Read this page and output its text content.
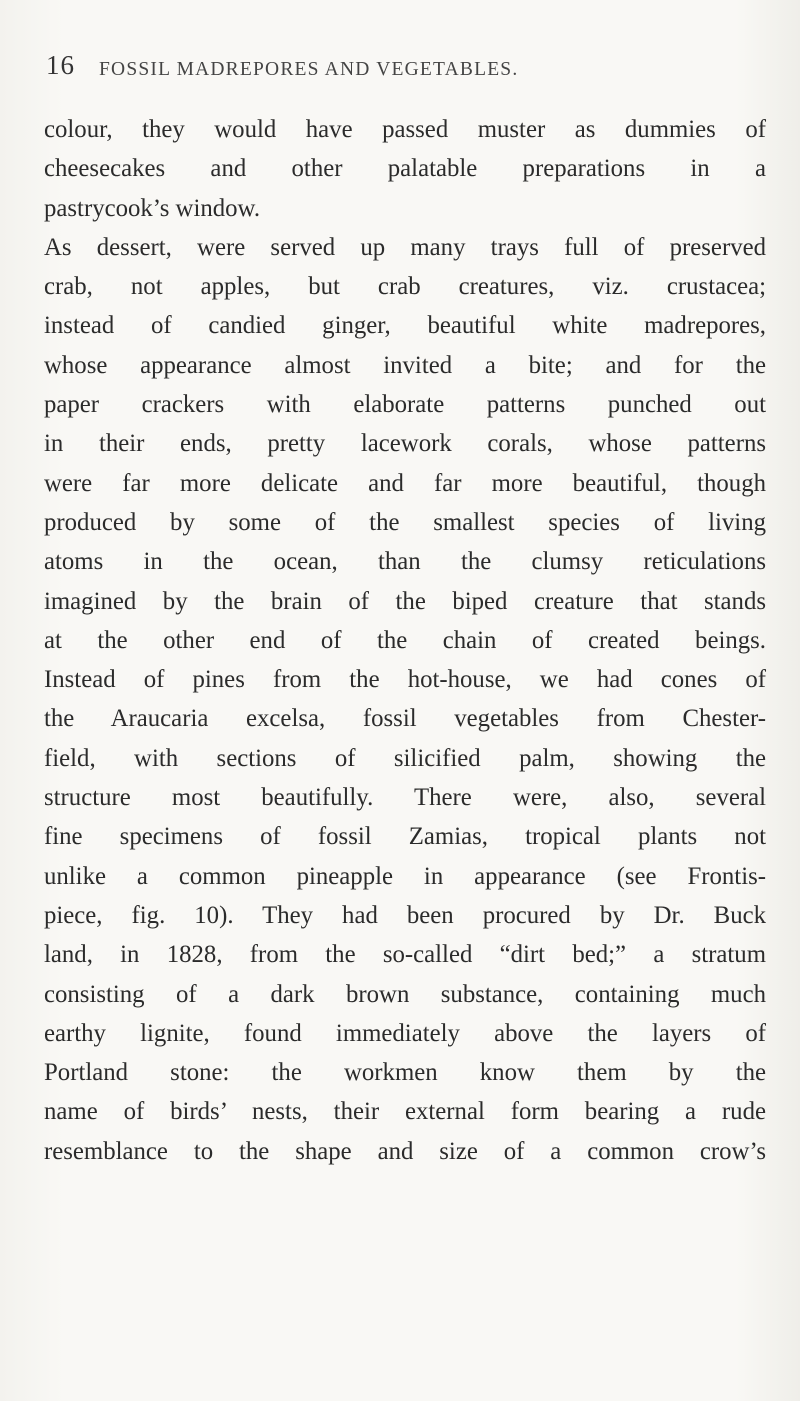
16 FOSSIL MADREPORES AND VEGETABLES.
colour, they would have passed muster as dummies of
cheesecakes and other palatable preparations in a
pastrycook’s window.
As dessert, were served up many trays full of preserved
crab, not apples, but crab creatures, viz. crustacea;
instead of candied ginger, beautiful white madrepores,
whose appearance almost invited a bite; and for the
paper crackers with elaborate patterns punched out
in their ends, pretty lacework corals, whose patterns
were far more delicate and far more beautiful, though
produced by some of the smallest species of living
atoms in the ocean, than the clumsy reticulations
imagined by the brain of the biped creature that stands
at the other end of the chain of created beings.
Instead of pines from the hot-house, we had cones of
the Araucaria excelsa, fossil vegetables from Chester-
field, with sections of silicified palm, showing the
structure most beautifully. There were, also, several
fine specimens of fossil Zamias, tropical plants not
unlike a common pineapple in appearance (see Frontis-
piece, fig. 10). They had been procured by Dr. Buck
land, in 1828, from the so-called “dirt bed;” a stratum
consisting of a dark brown substance, containing much
earthy lignite, found immediately above the layers of
Portland stone: the workmen know them by the
name of birds’ nests, their external form bearing a rude
resemblance to the shape and size of a common crow’s
